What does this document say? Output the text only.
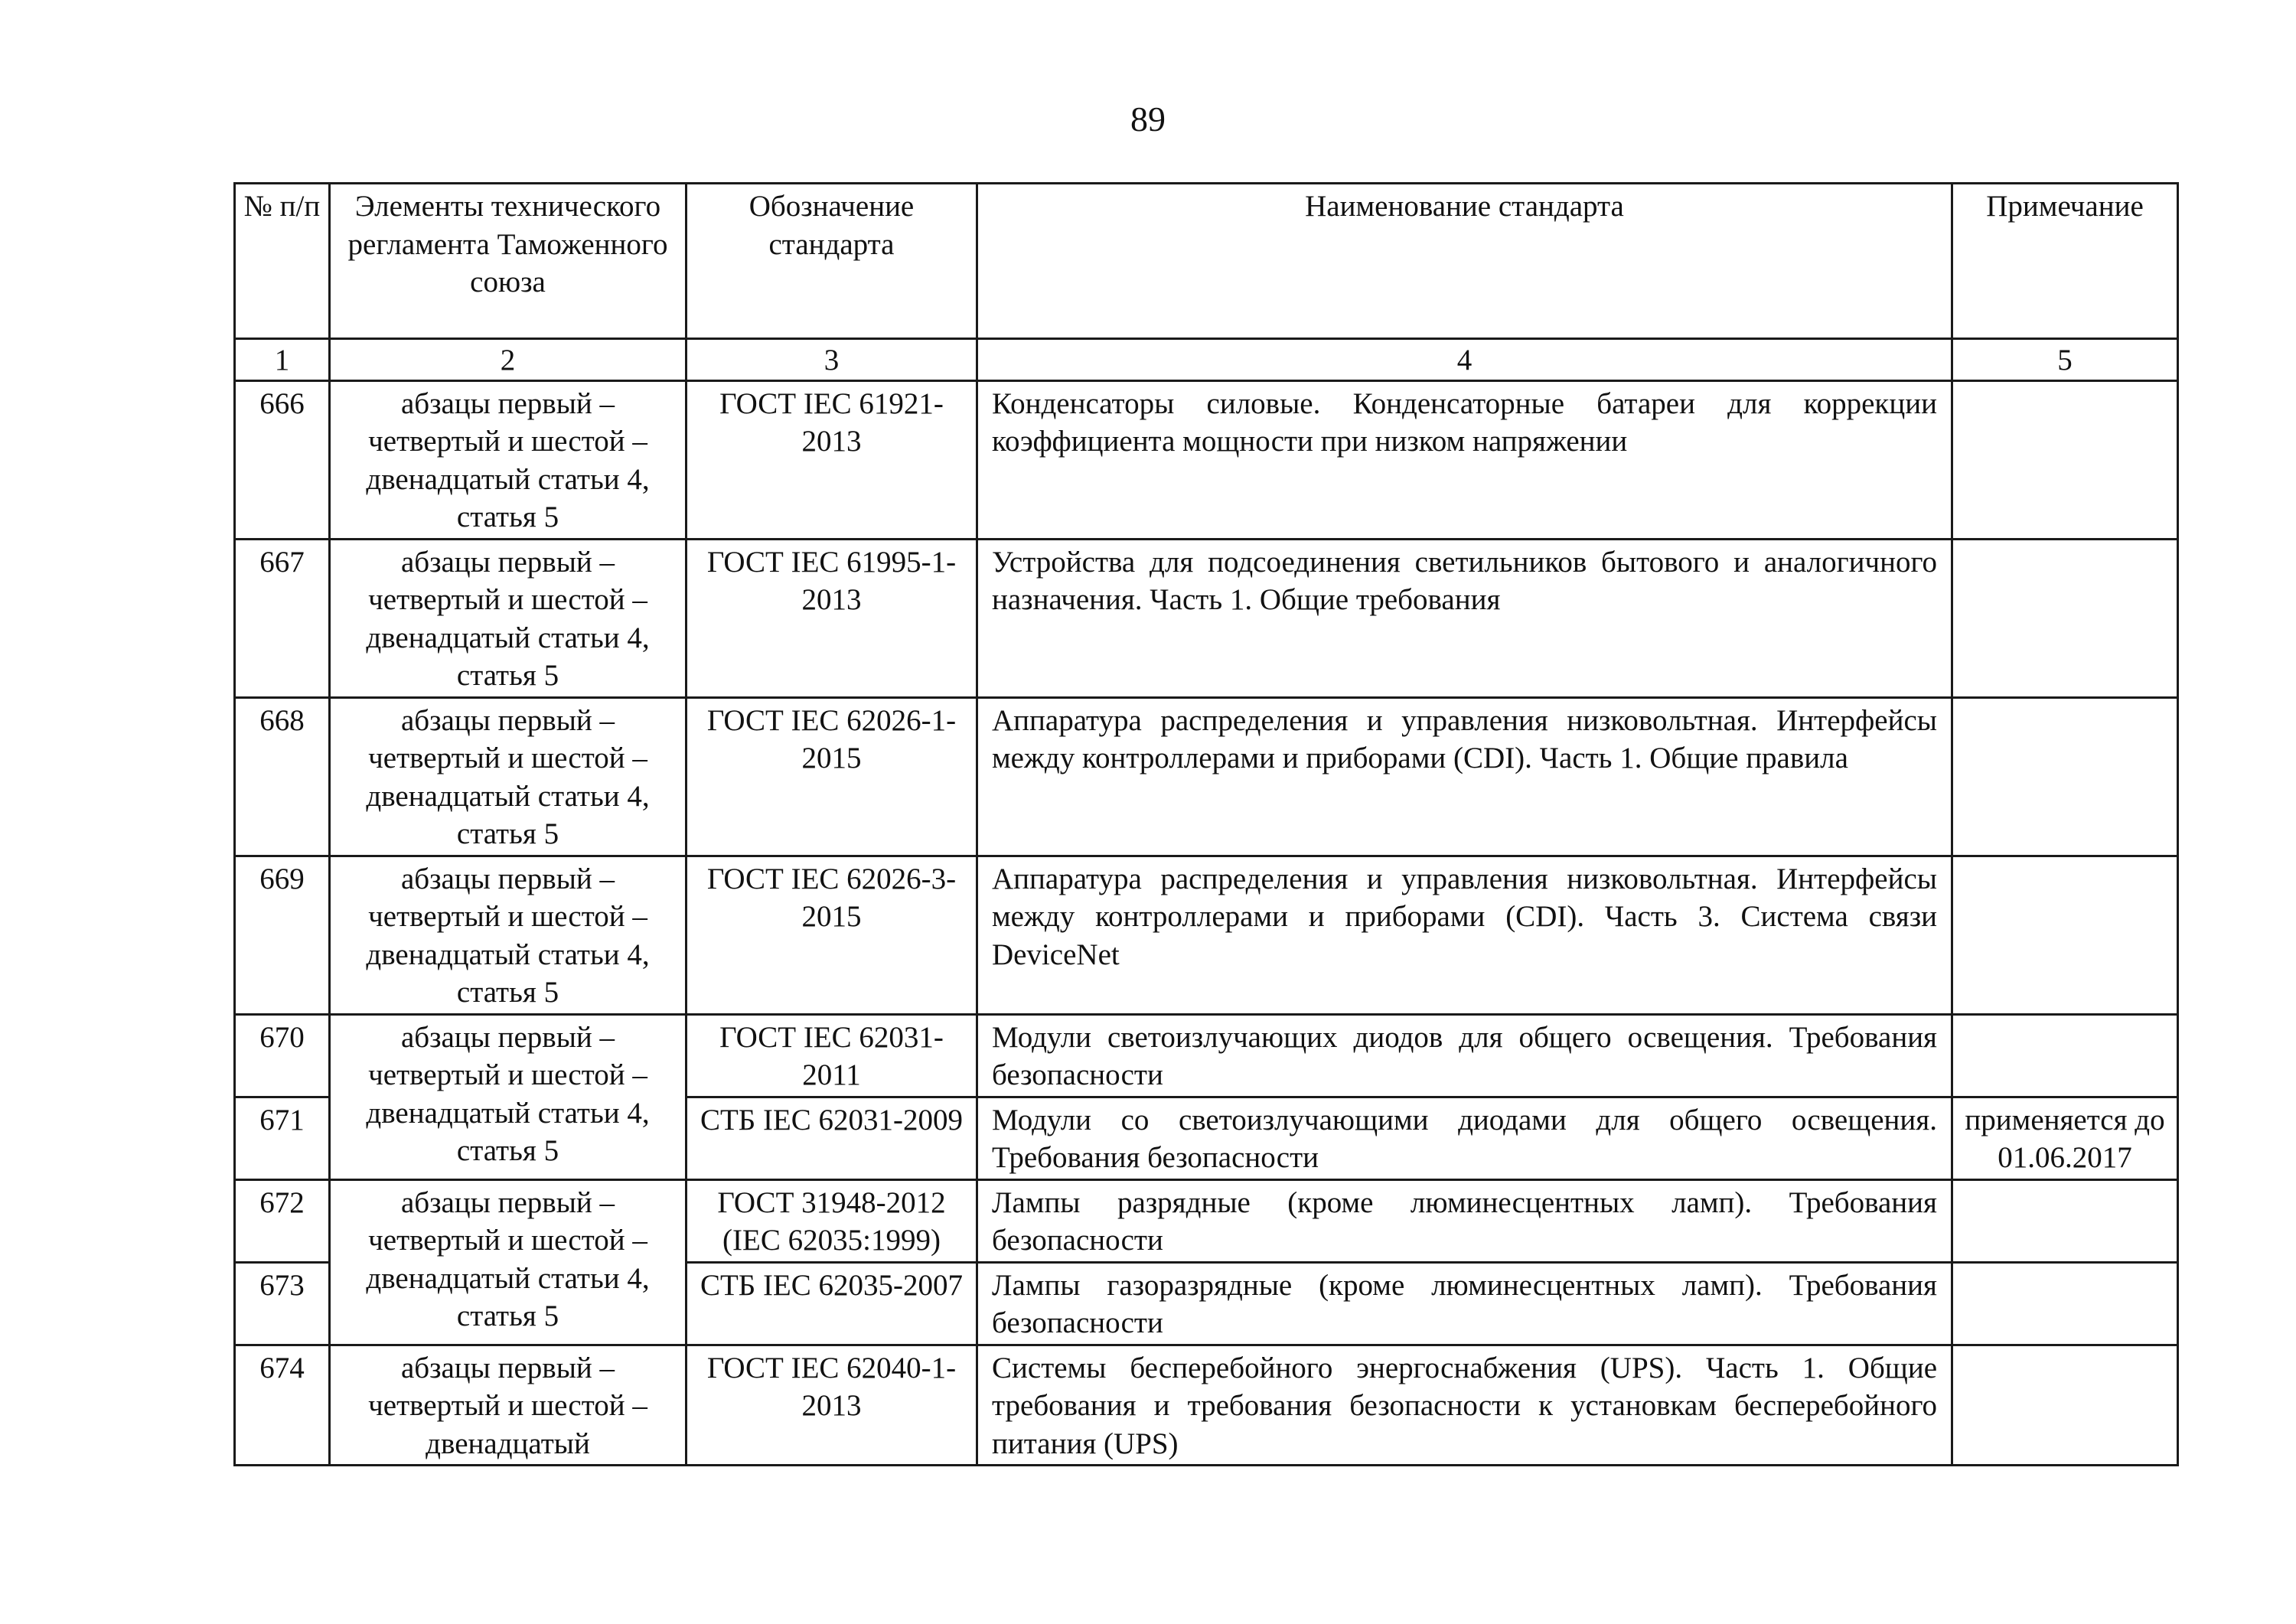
89
№ п/п	Элементы технического регламента Таможенного союза	Обозначение стандарта	Наименование стандарта	Примечание
1	2	3	4	5
666	абзацы первый – четвертый и шестой – двенадцатый статьи 4, статья 5	ГОСТ IEC 61921-2013	Конденсаторы силовые. Конденсаторные батареи для коррекции коэффициента мощности при низком напряжении	
667	абзацы первый – четвертый и шестой – двенадцатый статьи 4, статья 5	ГОСТ IEC 61995-1-2013	Устройства для подсоединения светильников бытового и аналогичного назначения. Часть 1. Общие требования	
668	абзацы первый – четвертый и шестой – двенадцатый статьи 4, статья 5	ГОСТ IEC 62026-1-2015	Аппаратура распределения и управления низковольтная. Интерфейсы между контроллерами и приборами (CDI). Часть 1. Общие правила	
669	абзацы первый – четвертый и шестой – двенадцатый статьи 4, статья 5	ГОСТ IEC 62026-3-2015	Аппаратура распределения и управления низковольтная. Интерфейсы между контроллерами и приборами (CDI). Часть 3. Система связи DeviceNet	
670	абзацы первый – четвертый и шестой – двенадцатый статьи 4, статья 5	ГОСТ IEC 62031-2011	Модули светоизлучающих диодов для общего освещения. Требования безопасности	
671		СТБ IEC 62031-2009	Модули со светоизлучающими диодами для общего освещения. Требования безопасности	применяется до 01.06.2017
672	абзацы первый – четвертый и шестой – двенадцатый статьи 4, статья 5	ГОСТ 31948-2012 (IEC 62035:1999)	Лампы разрядные (кроме люминесцентных ламп). Требования безопасности	
673		СТБ IEC 62035-2007	Лампы газоразрядные (кроме люминесцентных ламп). Требования безопасности	
674	абзацы первый – четвертый и шестой – двенадцатый	ГОСТ IEC 62040-1-2013	Системы бесперебойного энергоснабжения (UPS). Часть 1. Общие требования и требования безопасности к установкам бесперебойного питания (UPS)	
